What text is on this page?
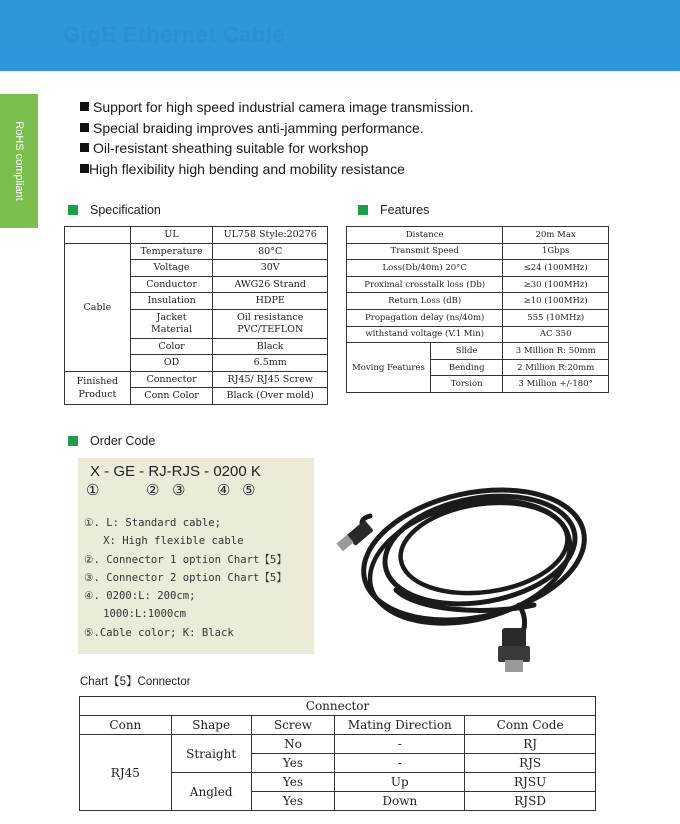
GigE Ethernet Cable
RoHS compliant
Support for high speed industrial camera image transmission.
Special braiding improves anti-jamming performance.
Oil-resistant sheathing suitable for workshop
High flexibility high bending and mobility resistance
Specification	Features
	UL	UL758 Style:20276
Cable	Temperature	80°C
	Voltage	30V
	Conductor	AWG26 Strand
	Insulation	HDPE
	Jacket Material	Oil resistance PVC/TEFLON
	Color	Black
	OD	6.5mm
Finished Product	Connector	RJ45/ RJ45 Screw
	Conn Color	Black (Over mold)
Distance		20m Max
Transmit Speed		1Gbps
Loss(Db/40m) 20°C		≤24 (100MHz)
Proximal crosstalk loss (Db)		≥30 (100MHz)
Return Loss (dB)		≥10 (100MHz)
Propagation delay (ns/40m)		555 (10MHz)
withstand voltage (V.1 Min)		AC 350
Moving Features	Slide	3 Million R: 50mm
	Bending	2 Million R:20mm
	Torsion	3 Million +/-180°
Order Code
X - GE - RJ-RJS - 0200 K
①	② ③ ④ ⑤
①. L: Standard cable;
X: High flexible cable
②. Connector 1 option Chart【5】
③. Connector 2 option Chart【5】
④. 0200:L: 200cm;
1000:L:1000cm
⑤.Cable color; K: Black
Chart【5】Connector
Connector				
Conn	Shape	Screw	Mating Direction	Conn Code
RJ45	Straight	No	-	RJ
		Yes	-	RJS
	Angled	Yes	Up	RJSU
		Yes	Down	RJSD
